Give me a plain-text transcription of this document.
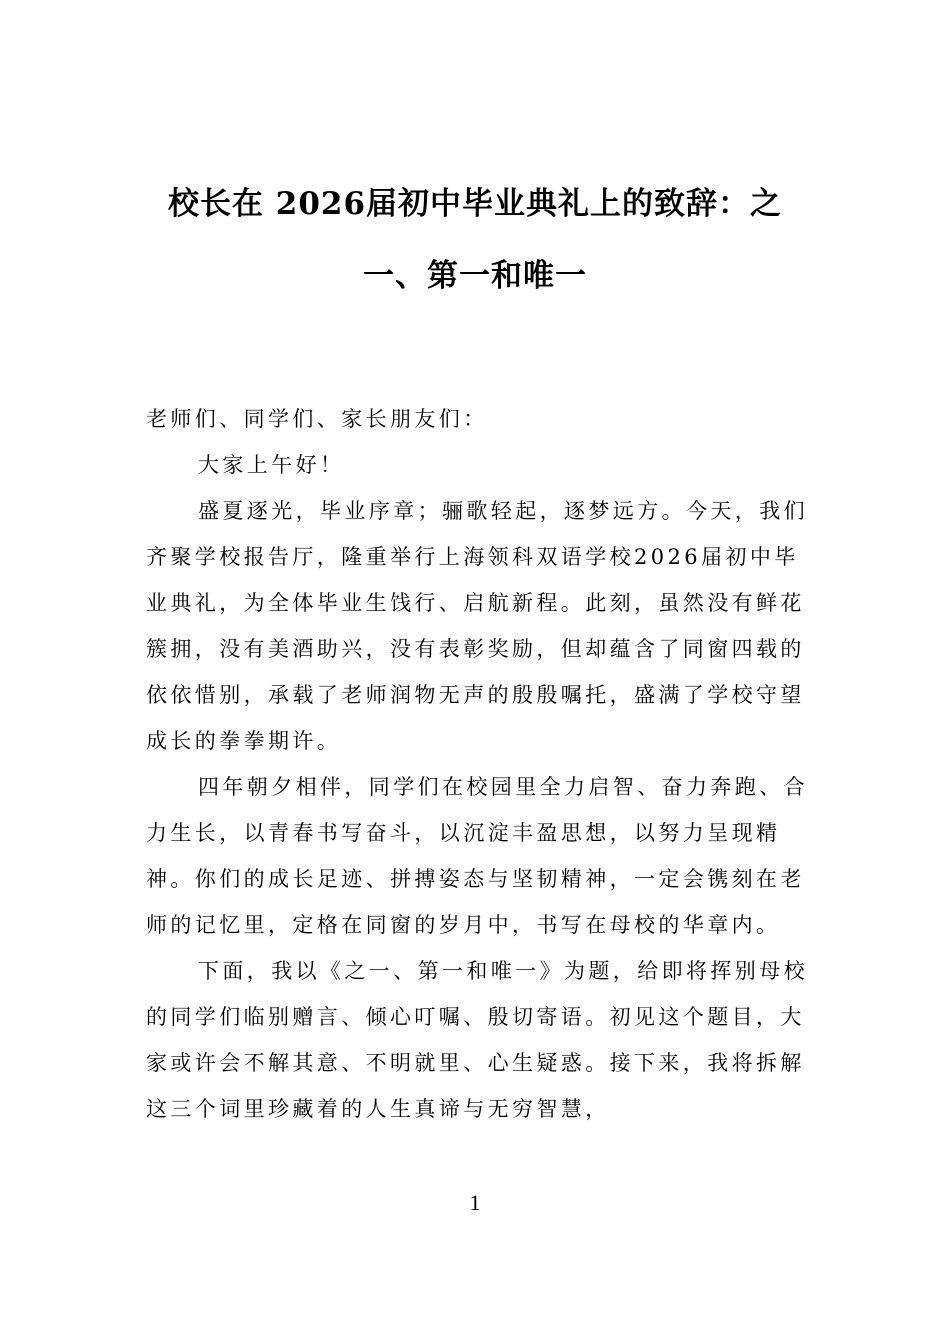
校长在 2026届初中毕业典礼上的致辞：之
一、第一和唯一

老师们、同学们、家长朋友们：

大家上午好！

盛夏逐光，毕业序章；骊歌轻起，逐梦远方。今天，我们齐聚学校报告厅，隆重举行上海领科双语学校2026届初中毕业典礼，为全体毕业生饯行、启航新程。此刻，虽然没有鲜花簇拥，没有美酒助兴，没有表彰奖励，但却蕴含了同窗四载的依依惜别，承载了老师润物无声的殷殷嘱托，盛满了学校守望成长的拳拳期许。

四年朝夕相伴，同学们在校园里全力启智、奋力奔跑、合力生长，以青春书写奋斗，以沉淀丰盈思想，以努力呈现精神。你们的成长足迹、拼搏姿态与坚韧精神，一定会镌刻在老师的记忆里，定格在同窗的岁月中，书写在母校的华章内。

下面，我以《之一、第一和唯一》为题，给即将挥别母校的同学们临别赠言、倾心叮嘱、殷切寄语。初见这个题目，大家或许会不解其意、不明就里、心生疑惑。接下来，我将拆解这三个词里珍藏着的人生真谛与无穷智慧，

1
